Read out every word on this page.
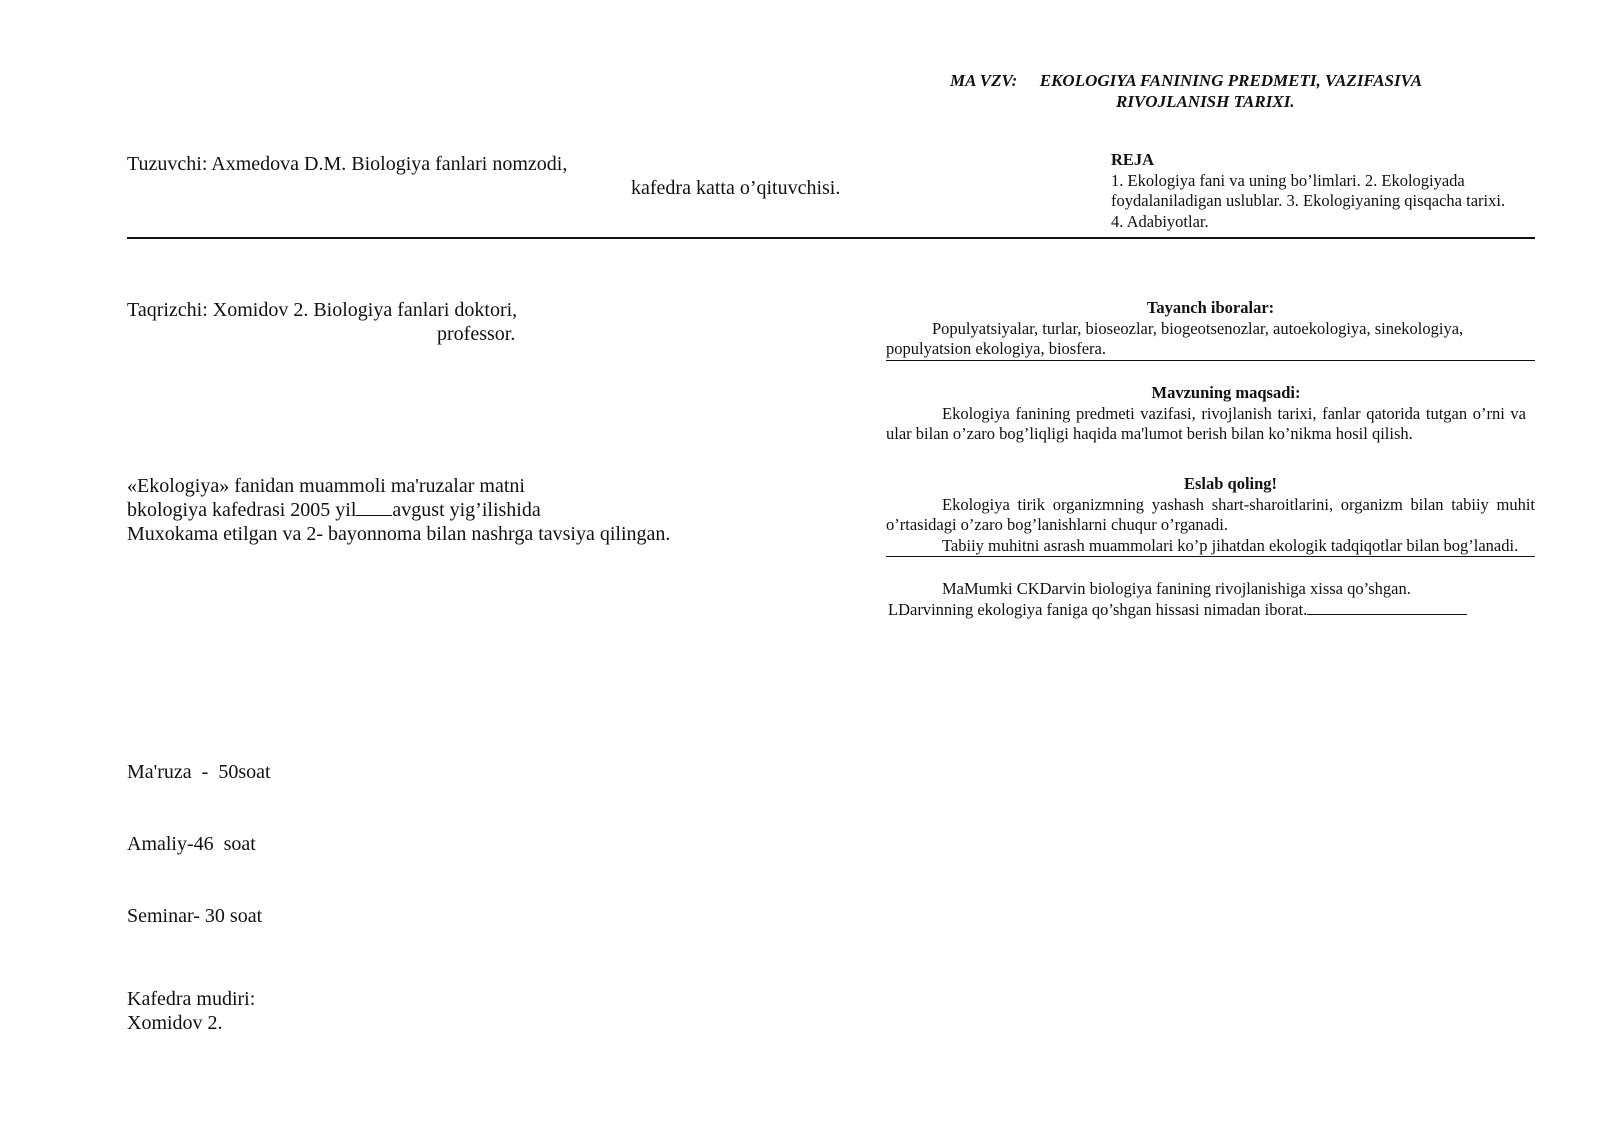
MA VZV: EKOLOGIYA FANINING PREDMETI, VAZIFASIVA
RIVOJLANISH TARIXI.
Tuzuvchi: Axmedova D.M. Biologiya fanlari nomzodi,
kafedra katta o’qituvchisi.
REJA
1. Ekologiya fani va uning bo’limlari. 2. Ekologiyada foydalaniladigan uslublar. 3. Ekologiyaning qisqacha tarixi. 4. Adabiyotlar.
Taqrizchi: Xomidov 2. Biologiya fanlari doktori,
professor.
Tayanch iboralar:
Populyatsiyalar, turlar, bioseozlar, biogeotsenozlar, autoekologiya, sinekologiya,
populyatsion ekologiya, biosfera.
Mavzuning maqsadi:
Ekologiya fanining predmeti vazifasi, rivojlanish tarixi, fanlar qatorida tutgan o’rni va ular bilan o’zaro bog’liqligi haqida ma'lumot berish bilan ko’nikma hosil qilish.
Eslab qoling!
Ekologiya tirik organizmning yashash shart-sharoitlarini, organizm bilan tabiiy muhit o’rtasidagi o’zaro bog’lanishlarni chuqur o’rganadi.
Tabiiy muhitni asrash muammolari ko’p jihatdan ekologik tadqiqotlar bilan bog’lanadi.
MaMumki CKDarvin biologiya fanining rivojlanishiga xissa qo’shgan.
LDarvinning ekologiya faniga qo’shgan hissasi nimadan iborat.
«Ekologiya» fanidan muammoli ma'ruzalar matni
bkologiya kafedrasi 2005 yil avgust yig’ilishida
Muxokama etilgan va 2- bayonnoma bilan nashrga tavsiya qilingan.

Ma'ruza  -  50soat

Amaliy-46  soat

Seminar- 30 soat

Kafedra mudiri:
Xomidov 2.
